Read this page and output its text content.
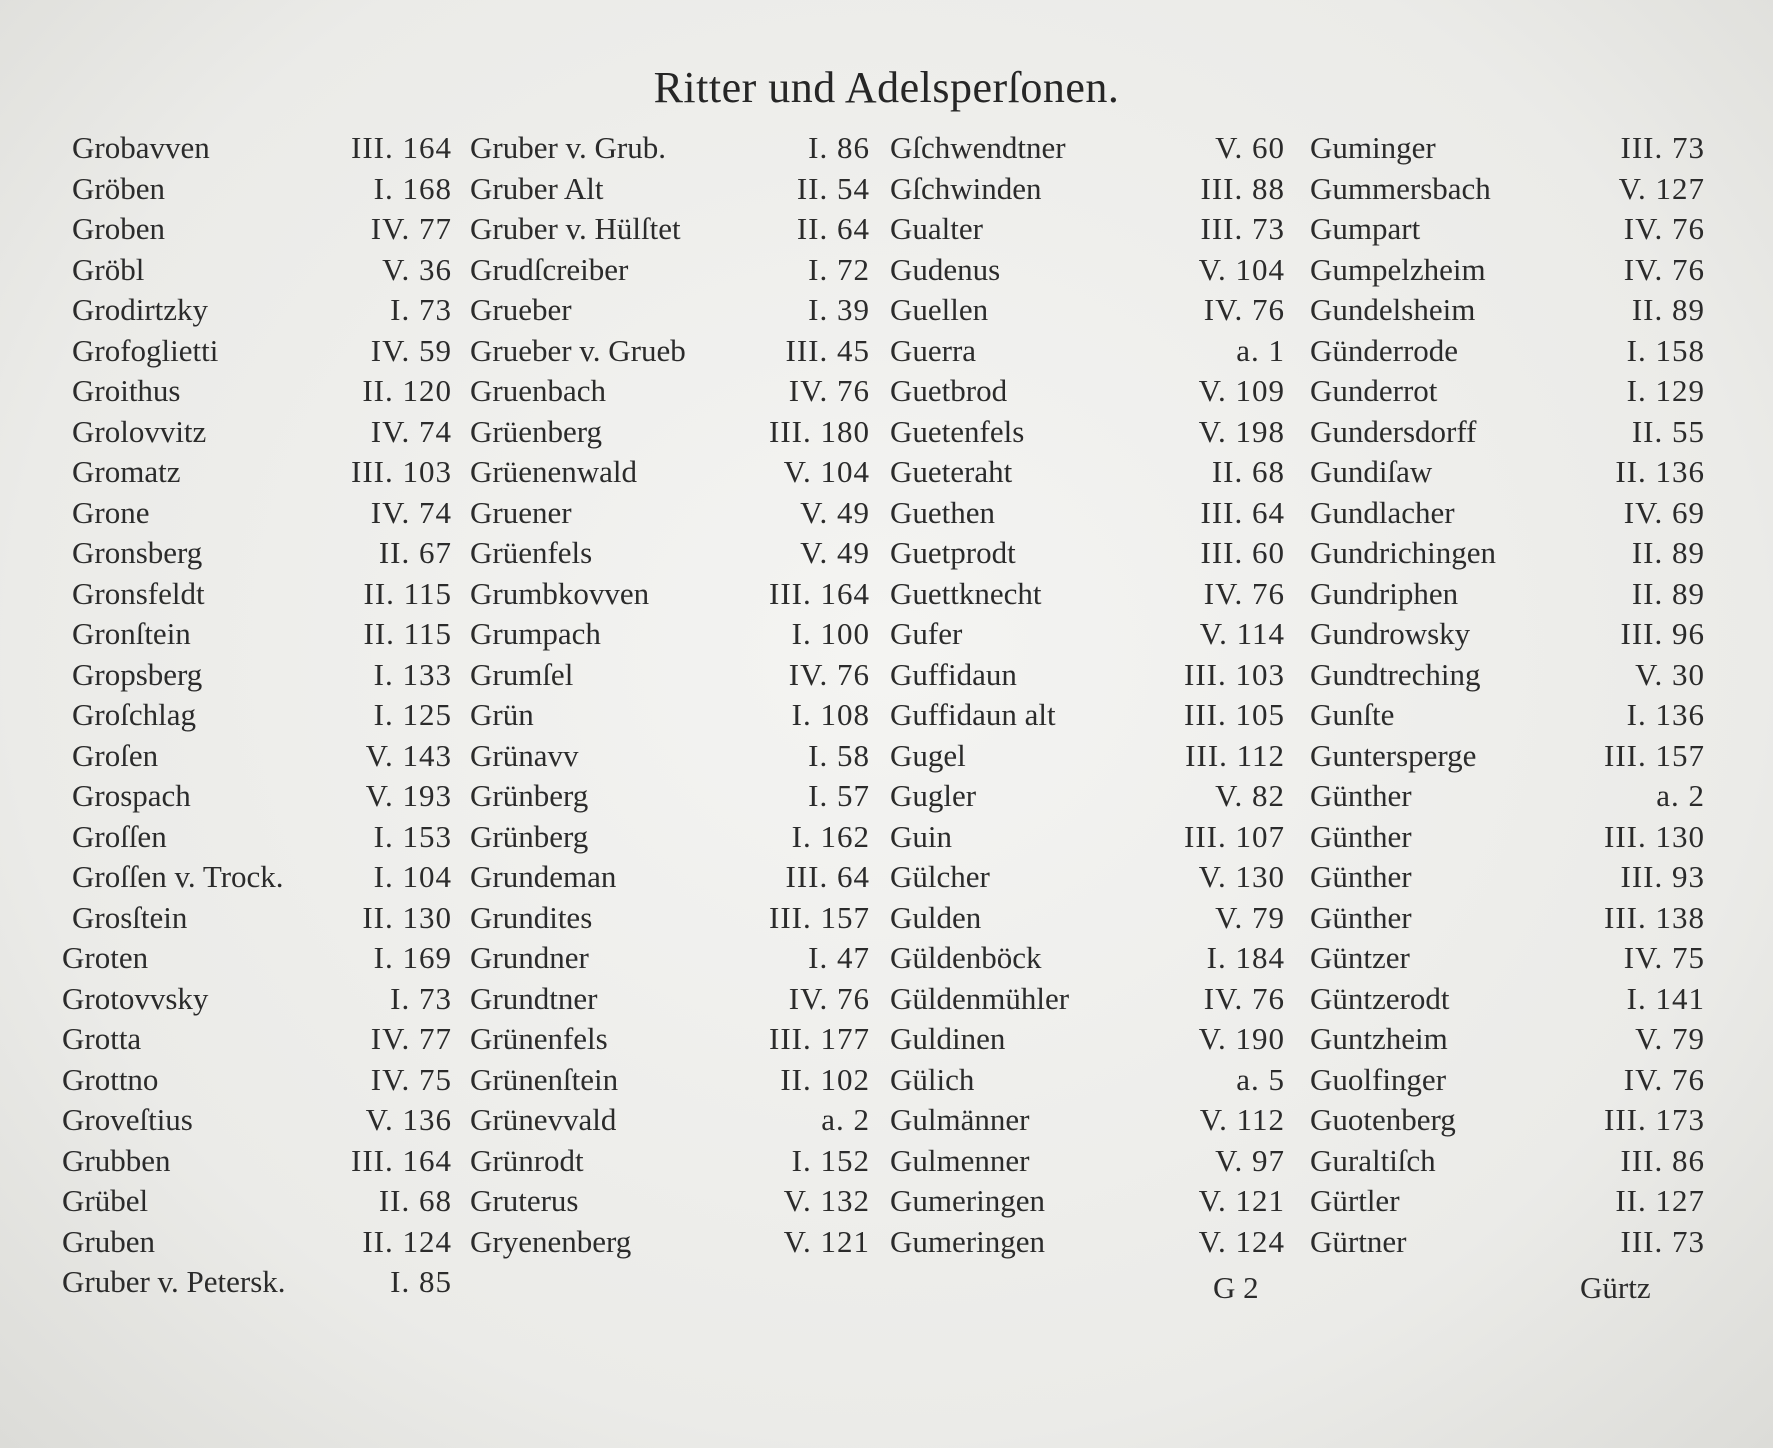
Ritter und Adelsperſonen.
Grobavven	III. 164
Gröben	I. 168
Groben	IV. 77
Gröbl	V. 36
Grodirtzky	I. 73
Grofoglietti	IV. 59
Groithus	II. 120
Grolovvitz	IV. 74
Gromatz	III. 103
Grone	IV. 74
Gronsberg	II. 67
Gronsfeldt	II. 115
Gronſtein	II. 115
Gropsberg	I. 133
Groſchlag	I. 125
Groſen	V. 143
Grospach	V. 193
Groſſen	I. 153
Groſſen v. Trock.	I. 104
Grosſtein	II. 130
Groten	I. 169
Grotovvsky	I. 73
Grotta	IV. 77
Grottno	IV. 75
Groveſtius	V. 136
Grubben	III. 164
Grübel	II. 68
Gruben	II. 124
Gruber v. Petersk.	I. 85
Gruber v. Grub.	I. 86
Gruber Alt	II. 54
Gruber v. Hülſtet	II. 64
Grudſcreiber	I. 72
Grueber	I. 39
Grueber v. Grueb	III. 45
Gruenbach	IV. 76
Grüenberg	III. 180
Grüenenwald	V. 104
Gruener	V. 49
Grüenfels	V. 49
Grumbkovven	III. 164
Grumpach	I. 100
Grumſel	IV. 76
Grün	I. 108
Grünavv	I. 58
Grünberg	I. 57
Grünberg	I. 162
Grundeman	III. 64
Grundites	III. 157
Grundner	I. 47
Grundtner	IV. 76
Grünenfels	III. 177
Grünenſtein	II. 102
Grünevvald	a. 2
Grünrodt	I. 152
Gruterus	V. 132
Gryenenberg	V. 121
Gſchwendtner	V. 60
Gſchwinden	III. 88
Gualter	III. 73
Gudenus	V. 104
Guellen	IV. 76
Guerra	a. 1
Guetbrod	V. 109
Guetenfels	V. 198
Gueteraht	II. 68
Guethen	III. 64
Guetprodt	III. 60
Guettknecht	IV. 76
Gufer	V. 114
Guffidaun	III. 103
Guffidaun alt	III. 105
Gugel	III. 112
Gugler	V. 82
Guin	III. 107
Gülcher	V. 130
Gulden	V. 79
Güldenböck	I. 184
Güldenmühler	IV. 76
Guldinen	V. 190
Gülich	a. 5
Gulmänner	V. 112
Gulmenner	V. 97
Gumeringen	V. 121
Gumeringen	V. 124
Guminger	III. 73
Gummersbach	V. 127
Gumpart	IV. 76
Gumpelzheim	IV. 76
Gundelsheim	II. 89
Günderrode	I. 158
Gunderrot	I. 129
Gundersdorff	II. 55
Gundiſaw	II. 136
Gundlacher	IV. 69
Gundrichingen	II. 89
Gundriphen	II. 89
Gundrowsky	III. 96
Gundtreching	V. 30
Gunſte	I. 136
Guntersperge	III. 157
Günther	a. 2
Günther	III. 130
Günther	III. 93
Günther	III. 138
Güntzer	IV. 75
Güntzerodt	I. 141
Guntzheim	V. 79
Guolfinger	IV. 76
Guotenberg	III. 173
Guraltiſch	III. 86
Gürtler	II. 127
Gürtner	III. 73
G 2	Gürtz
